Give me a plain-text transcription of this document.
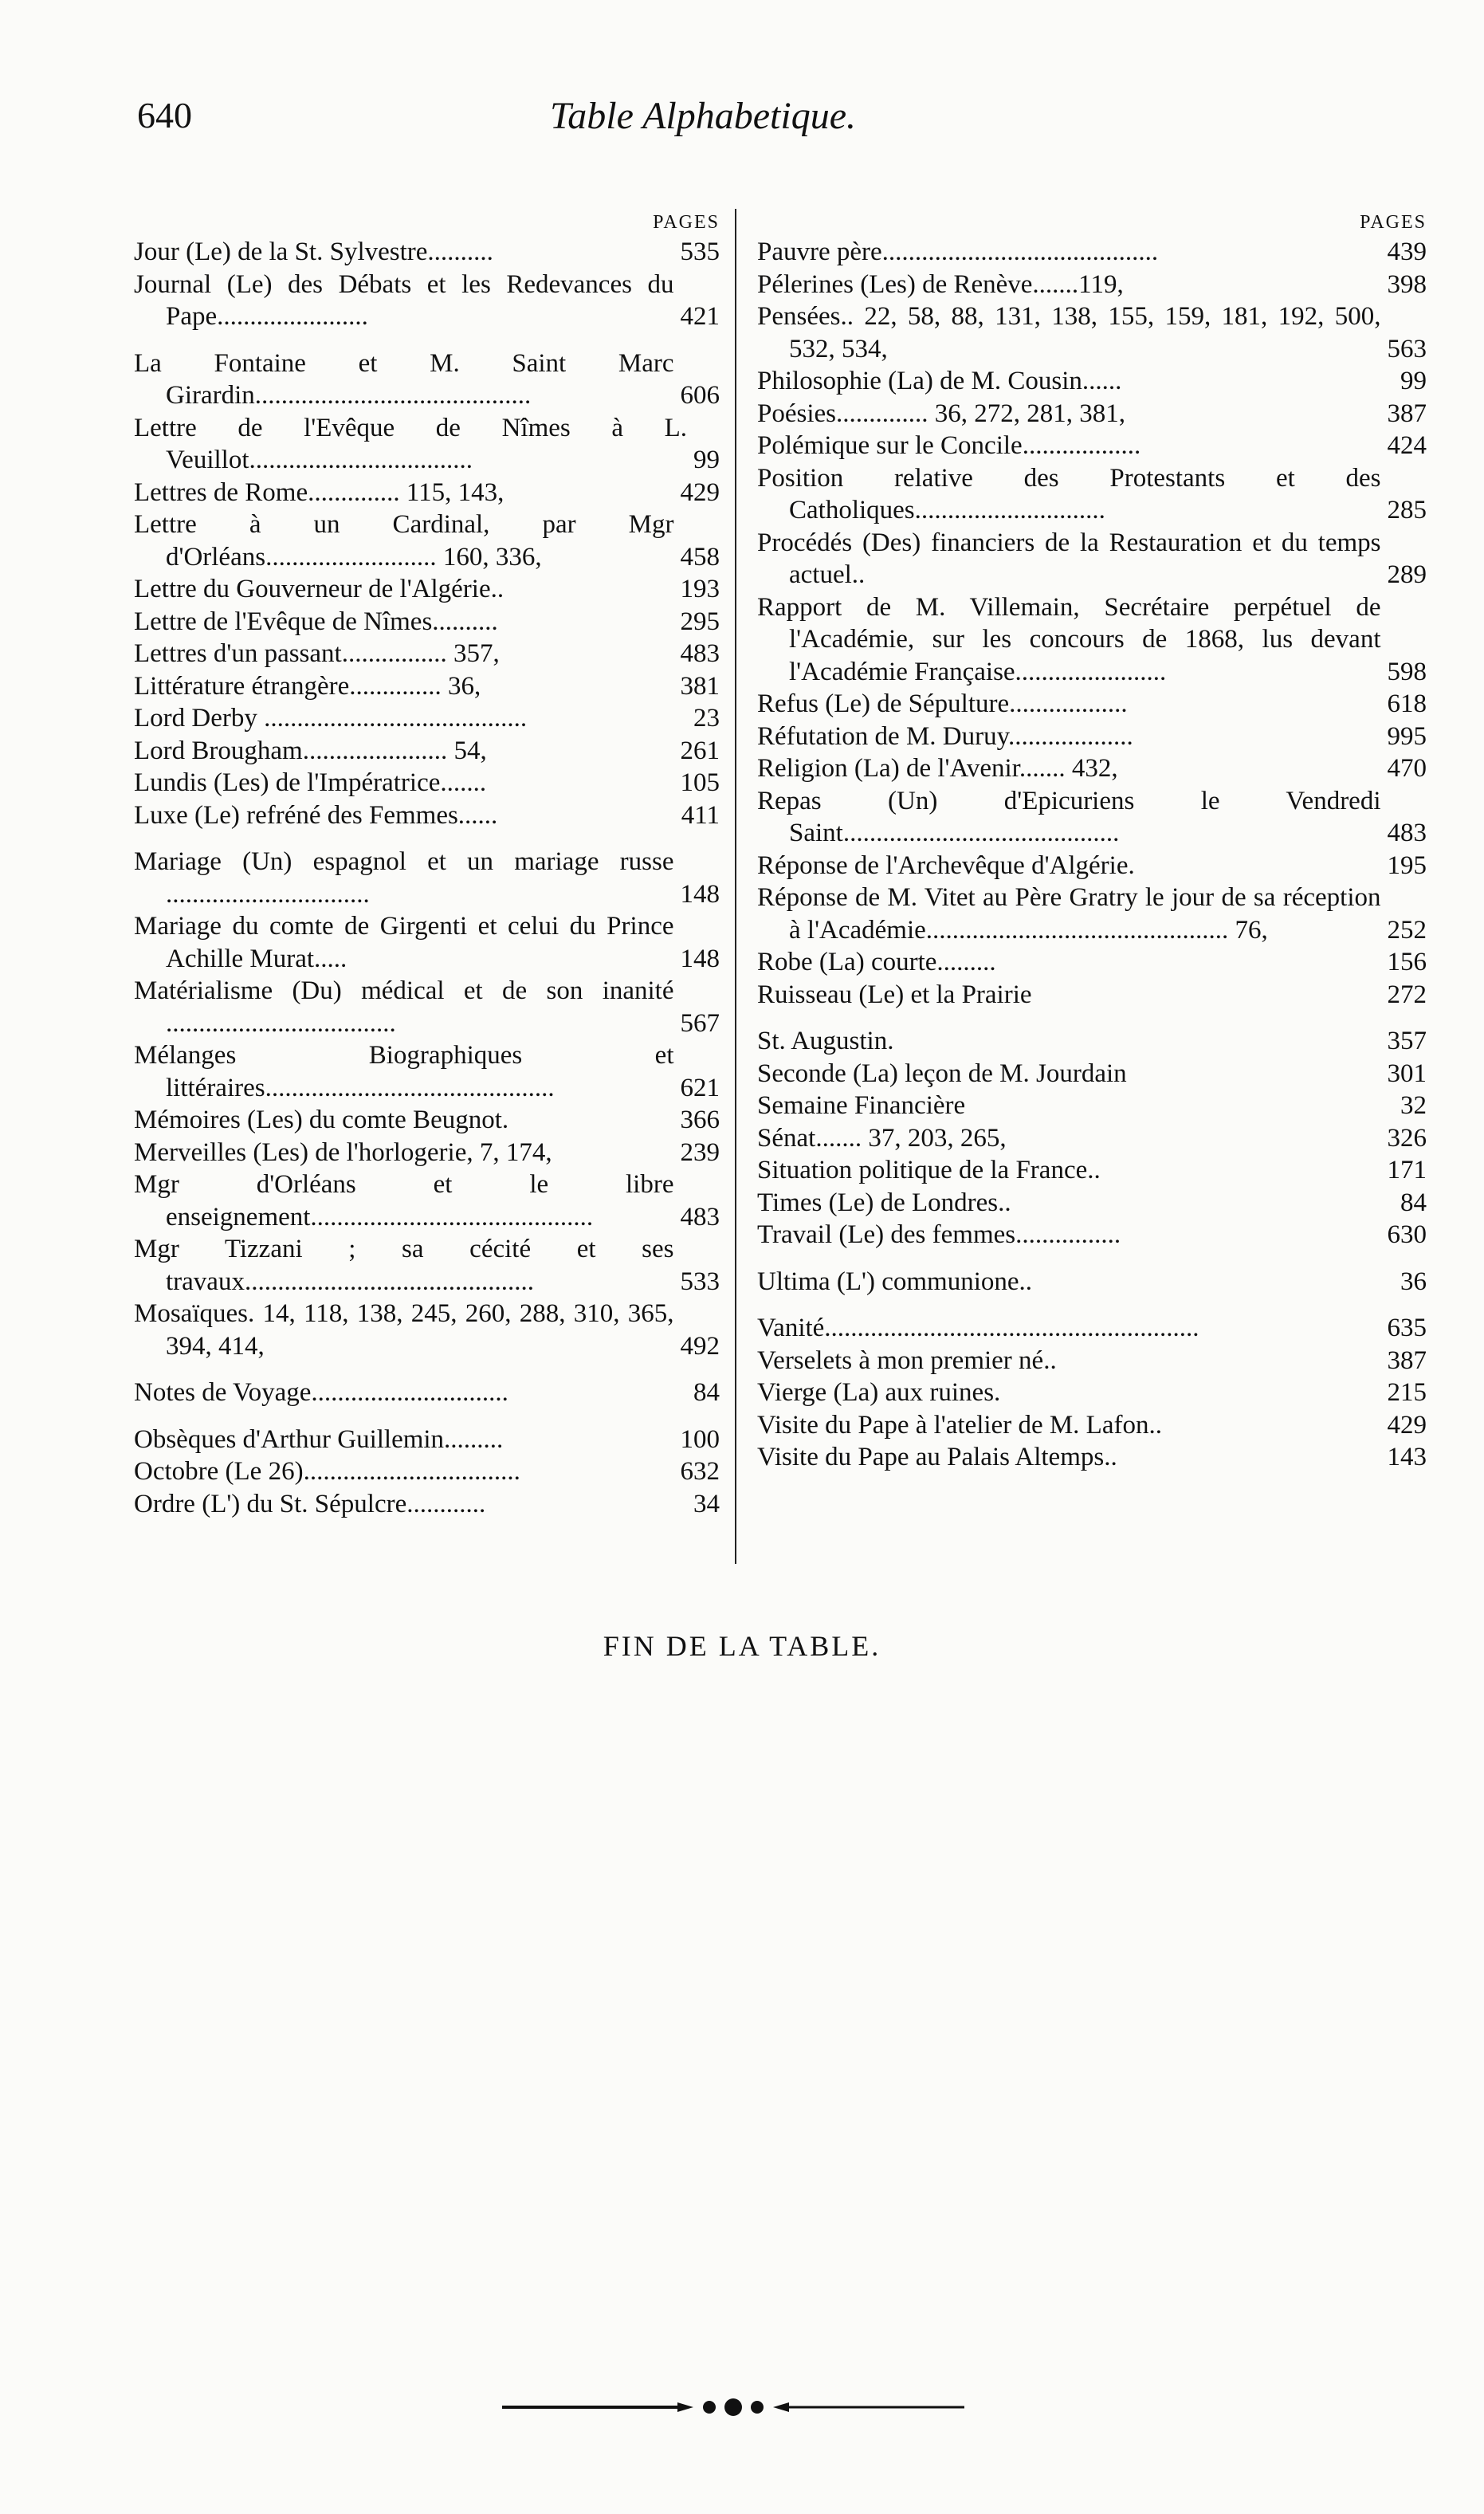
640	Table Alphabetique.
PAGES
Jour (Le) de la St. Sylvestre..........	535
Journal (Le) des Débats et les Redevances du Pape.......................	421
La Fontaine et M. Saint Marc Girardin..........................................	606
Lettre de l'Evêque de Nîmes à L. Veuillot..................................	99
Lettres de Rome.............. 115, 143,	429
Lettre à un Cardinal, par Mgr d'Orléans.......................... 160, 336,	458
Lettre du Gouverneur de l'Algérie..	193
Lettre de l'Evêque de Nîmes..........	295
Lettres d'un passant................ 357,	483
Littérature étrangère.............. 36,	381
Lord Derby ........................................	23
Lord Brougham...................... 54,	261
Lundis (Les) de l'Impératrice.......	105
Luxe (Le) refréné des Femmes......	411
Mariage (Un) espagnol et un mariage russe ...............................	148
Mariage du comte de Girgenti et celui du Prince Achille Murat.....	148
Matérialisme (Du) médical et de son inanité ...................................	567
Mélanges Biographiques et littéraires............................................	621
Mémoires (Les) du comte Beugnot.	366
Merveilles (Les) de l'horlogerie, 7, 174,	239
Mgr d'Orléans et le libre enseignement...........................................	483
Mgr Tizzani ; sa cécité et ses travaux............................................	533
Mosaïques. 14, 118, 138, 245, 260, 288, 310, 365, 394, 414,	492
Notes de Voyage..............................	84
Obsèques d'Arthur Guillemin.........	100
Octobre (Le 26).................................	632
Ordre (L') du St. Sépulcre............	34
PAGES
Pauvre père..........................................	439
Pélerines (Les) de Renève.......119,	398
Pensées.. 22, 58, 88, 131, 138, 155, 159, 181, 192, 500, 532, 534,	563
Philosophie (La) de M. Cousin......	99
Poésies.............. 36, 272, 281, 381,	387
Polémique sur le Concile..................	424
Position relative des Protestants et des Catholiques.............................	285
Procédés (Des) financiers de la Restauration et du temps actuel..	289
Rapport de M. Villemain, Secrétaire perpétuel de l'Académie, sur les concours de 1868, lus devant l'Académie Française.......................	598
Refus (Le) de Sépulture..................	618
Réfutation de M. Duruy...................	995
Religion (La) de l'Avenir....... 432,	470
Repas (Un) d'Epicuriens le Vendredi Saint..........................................	483
Réponse de l'Archevêque d'Algérie.	195
Réponse de M. Vitet au Père Gratry le jour de sa réception à l'Académie.............................................. 76,	252
Robe (La) courte.........	156
Ruisseau (Le) et la Prairie	272
St. Augustin.	357
Seconde (La) leçon de M. Jourdain	301
Semaine Financière	32
Sénat....... 37, 203, 265,	326
Situation politique de la France..	171
Times (Le) de Londres..	84
Travail (Le) des femmes................	630
Ultima (L') communione..	36
Vanité.........................................................	635
Verselets à mon premier né..	387
Vierge (La) aux ruines.	215
Visite du Pape à l'atelier de M. Lafon..	429
Visite du Pape au Palais Altemps..	143
FIN DE LA TABLE.
